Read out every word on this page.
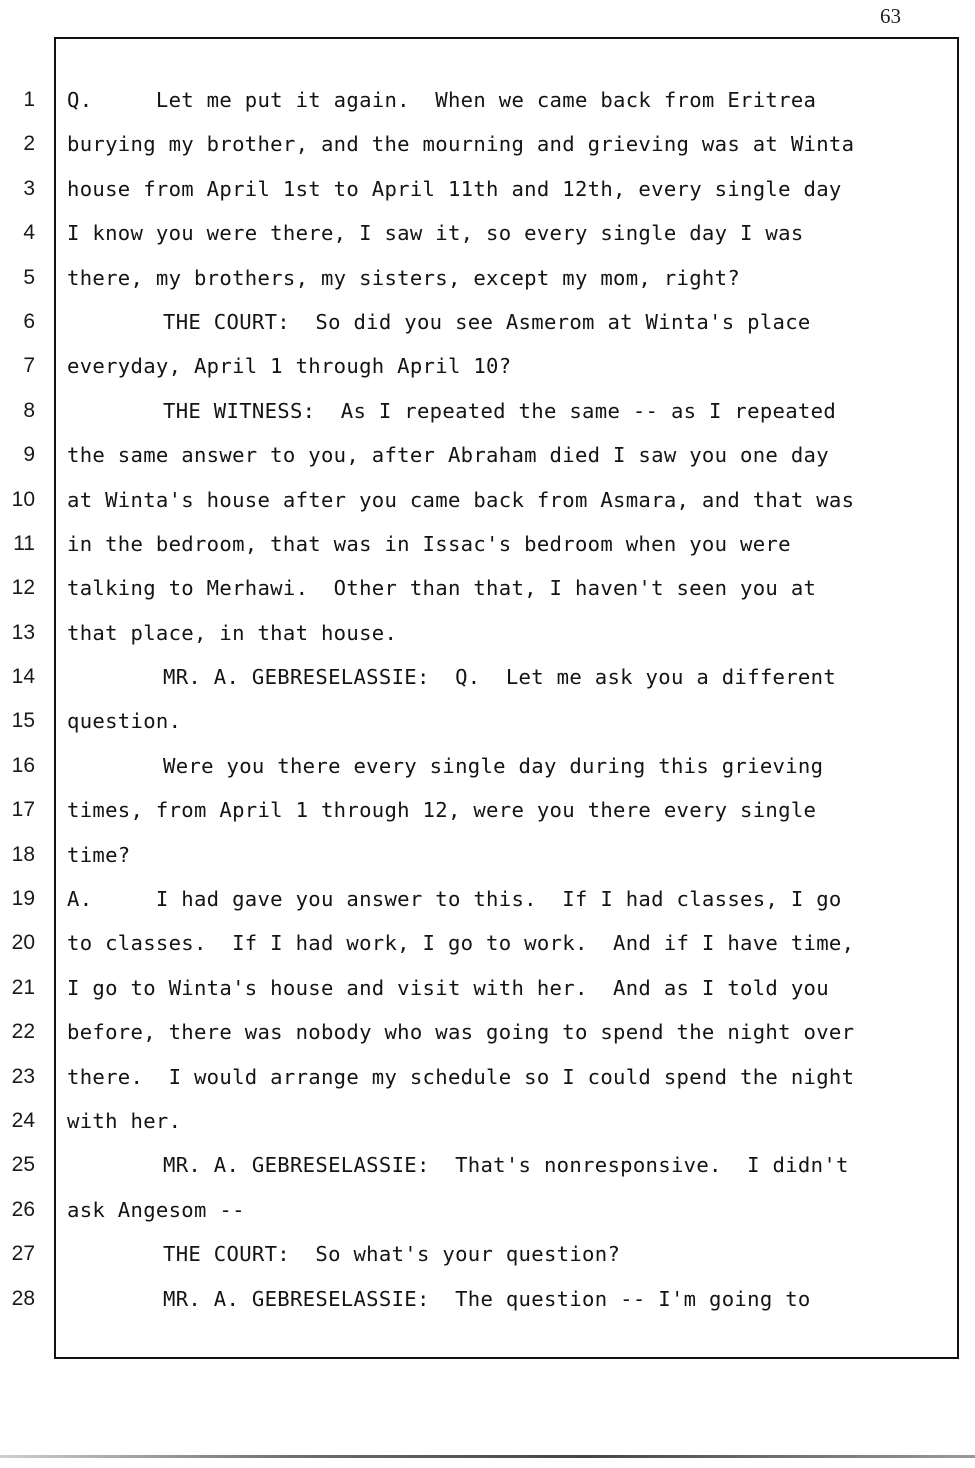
63
1
2
3
4
5
6
7
8
9
10
11
12
13
14
15
16
17
18
19
20
21
22
23
24
25
26
27
28
Q.     Let me put it again.  When we came back from Eritrea
burying my brother, and the mourning and grieving was at Winta
house from April 1st to April 11th and 12th, every single day
I know you were there, I saw it, so every single day I was
there, my brothers, my sisters, except my mom, right?
THE COURT:  So did you see Asmerom at Winta's place
everyday, April 1 through April 10?
THE WITNESS:  As I repeated the same -- as I repeated
the same answer to you, after Abraham died I saw you one day
at Winta's house after you came back from Asmara, and that was
in the bedroom, that was in Issac's bedroom when you were
talking to Merhawi.  Other than that, I haven't seen you at
that place, in that house.
MR. A. GEBRESELASSIE:  Q.  Let me ask you a different
question.
Were you there every single day during this grieving
times, from April 1 through 12, were you there every single
time?
A.     I had gave you answer to this.  If I had classes, I go
to classes.  If I had work, I go to work.  And if I have time,
I go to Winta's house and visit with her.  And as I told you
before, there was nobody who was going to spend the night over
there.  I would arrange my schedule so I could spend the night
with her.
MR. A. GEBRESELASSIE:  That's nonresponsive.  I didn't
ask Angesom --
THE COURT:  So what's your question?
MR. A. GEBRESELASSIE:  The question -- I'm going to
